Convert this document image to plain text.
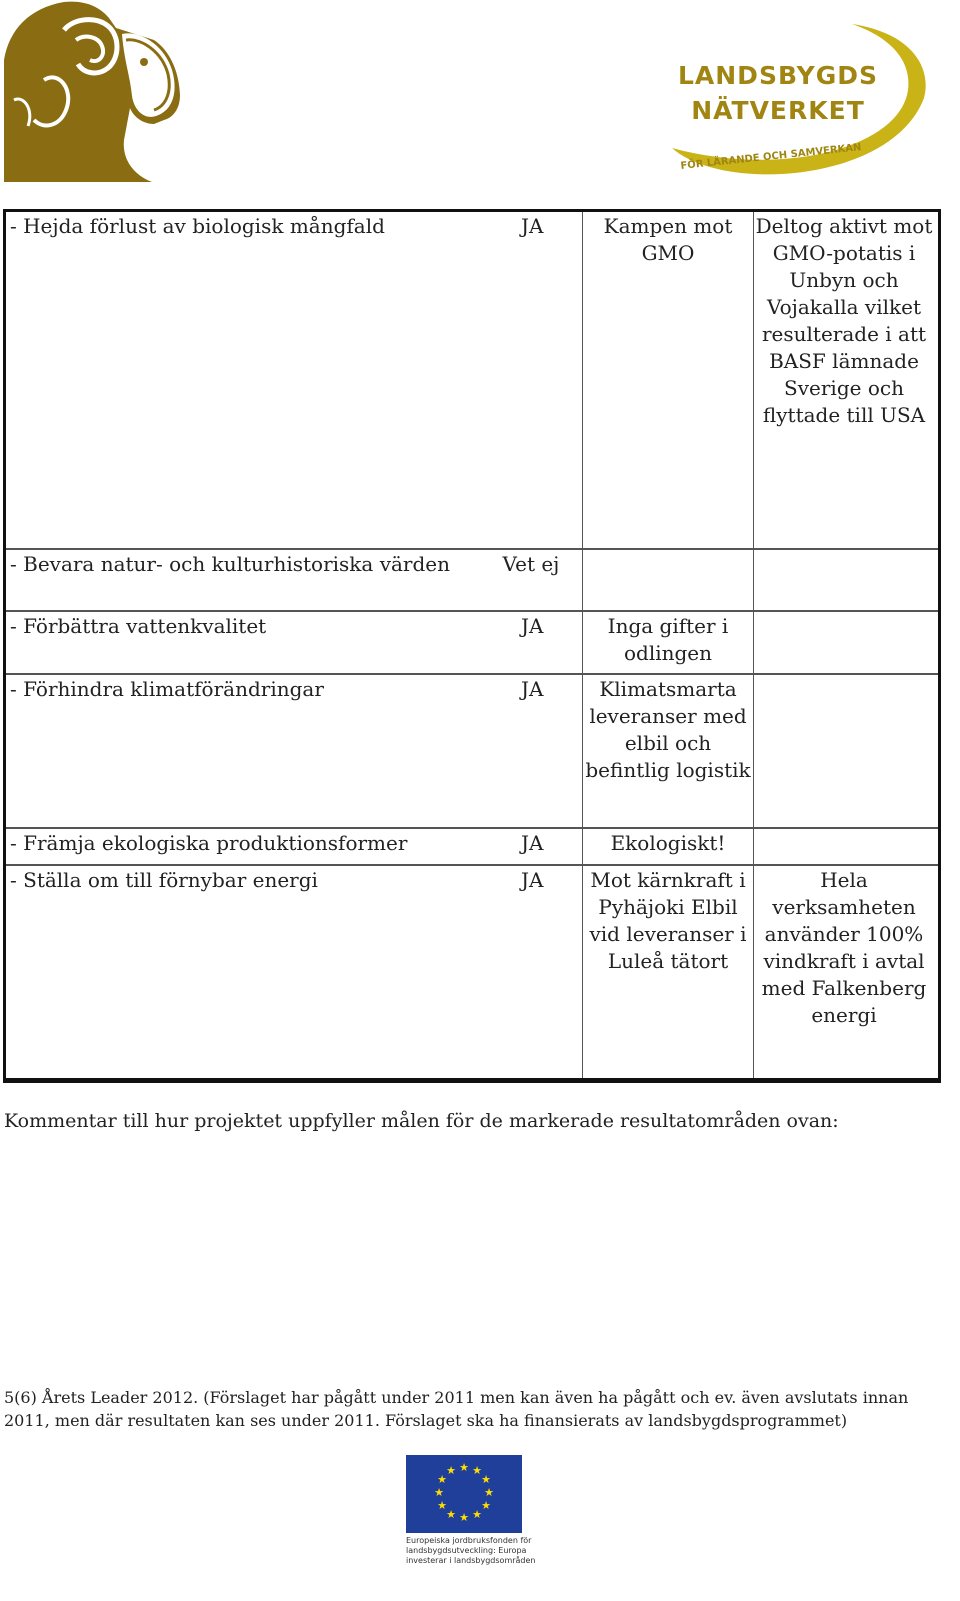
LANDSBYGDS
NÄTVERKET
FÖR LÄRANDE OCH SAMVERKAN
- Hejda förlust av biologisk mångfald	JA	Kampen mot GMO	Deltog aktivt mot GMO-potatis i Unbyn och Vojakalla vilket resulterade i att BASF lämnade Sverige och flyttade till USA
- Bevara natur- och kulturhistoriska värden	Vet ej		
- Förbättra vattenkvalitet	JA	Inga gifter i odlingen	
- Förhindra klimatförändringar	JA	Klimatsmarta leveranser med elbil och befintlig logistik	
- Främja ekologiska produktionsformer	JA	Ekologiskt!	
- Ställa om till förnybar energi	JA	Mot kärnkraft i Pyhäjoki Elbil vid leveranser i Luleå tätort	Hela verksamheten använder 100% vindkraft i avtal med Falkenberg energi
Kommentar till hur projektet uppfyller målen för de markerade resultatområden ovan:
5(6) Årets Leader 2012. (Förslaget har pågått under 2011 men kan även ha pågått och ev. även avslutats innan 2011, men där resultaten kan ses under 2011. Förslaget ska ha finansierats av landsbygdsprogrammet)
★ ★
★
★
★
★
★
★
★
★
★
★
Europeiska jordbruksfonden för landsbygdsutveckling: Europa investerar i landsbygdsområden
